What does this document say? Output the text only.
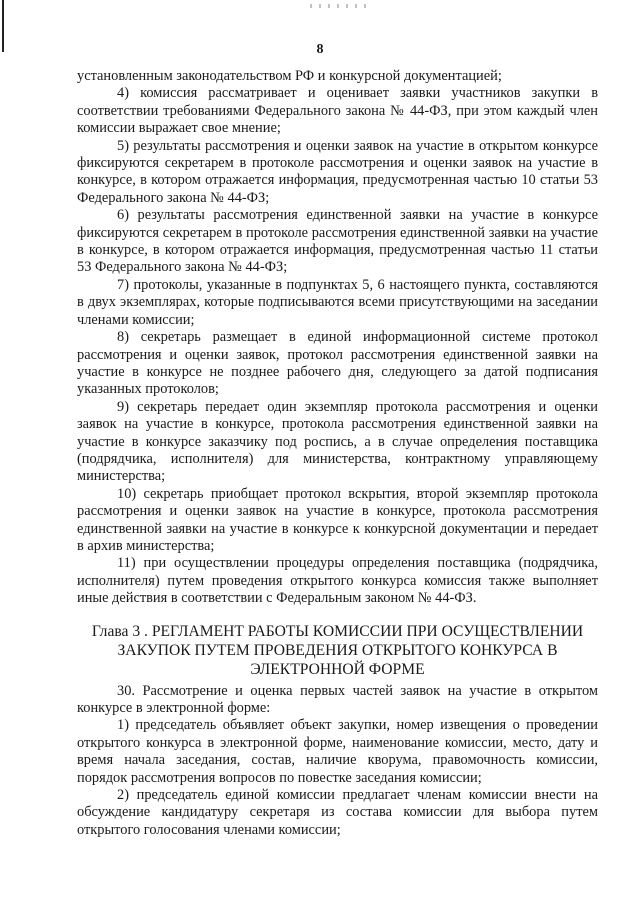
8

установленным законодательством РФ и конкурсной документацией;

4) комиссия рассматривает и оценивает заявки участников закупки в соответствии требованиями Федерального закона № 44-ФЗ, при этом каждый член комиссии выражает свое мнение;

5) результаты рассмотрения и оценки заявок на участие в открытом конкурсе фиксируются секретарем в протоколе рассмотрения и оценки заявок на участие в конкурсе, в котором отражается информация, предусмотренная частью 10 статьи 53 Федерального закона № 44-ФЗ;

6) результаты рассмотрения единственной заявки на участие в конкурсе фиксируются секретарем в протоколе рассмотрения единственной заявки на участие в конкурсе, в котором отражается информация, предусмотренная частью 11 статьи 53 Федерального закона № 44-ФЗ;

7) протоколы, указанные в подпунктах 5, 6 настоящего пункта, составляются в двух экземплярах, которые подписываются всеми присутствующими на заседании членами комиссии;

8) секретарь размещает в единой информационной системе протокол рассмотрения и оценки заявок, протокол рассмотрения единственной заявки на участие в конкурсе не позднее рабочего дня, следующего за датой подписания указанных протоколов;

9) секретарь передает один экземпляр протокола рассмотрения и оценки заявок на участие в конкурсе, протокола рассмотрения единственной заявки на участие в конкурсе заказчику под роспись, а в случае определения поставщика (подрядчика, исполнителя) для министерства, контрактному управляющему министерства;

10) секретарь приобщает протокол вскрытия, второй экземпляр протокола рассмотрения и оценки заявок на участие в конкурсе, протокола рассмотрения единственной заявки на участие в конкурсе к конкурсной документации и передает в архив министерства;

11) при осуществлении процедуры определения поставщика (подрядчика, исполнителя) путем проведения открытого конкурса комиссия также выполняет иные действия в соответствии с Федеральным законом № 44-ФЗ.

Глава 3 . РЕГЛАМЕНТ РАБОТЫ КОМИССИИ ПРИ ОСУЩЕСТВЛЕНИИ
ЗАКУПОК ПУТЕМ ПРОВЕДЕНИЯ ОТКРЫТОГО КОНКУРСА В
ЭЛЕКТРОННОЙ ФОРМЕ

30. Рассмотрение и оценка первых частей заявок на участие в открытом конкурсе в электронной форме:

1) председатель объявляет объект закупки, номер извещения о проведении открытого конкурса в электронной форме, наименование комиссии, место, дату и время начала заседания, состав, наличие кворума, правомочность комиссии, порядок рассмотрения вопросов по повестке заседания комиссии;

2) председатель единой комиссии предлагает членам комиссии внести на обсуждение кандидатуру секретаря из состава комиссии для выбора путем открытого голосования членами комиссии;
